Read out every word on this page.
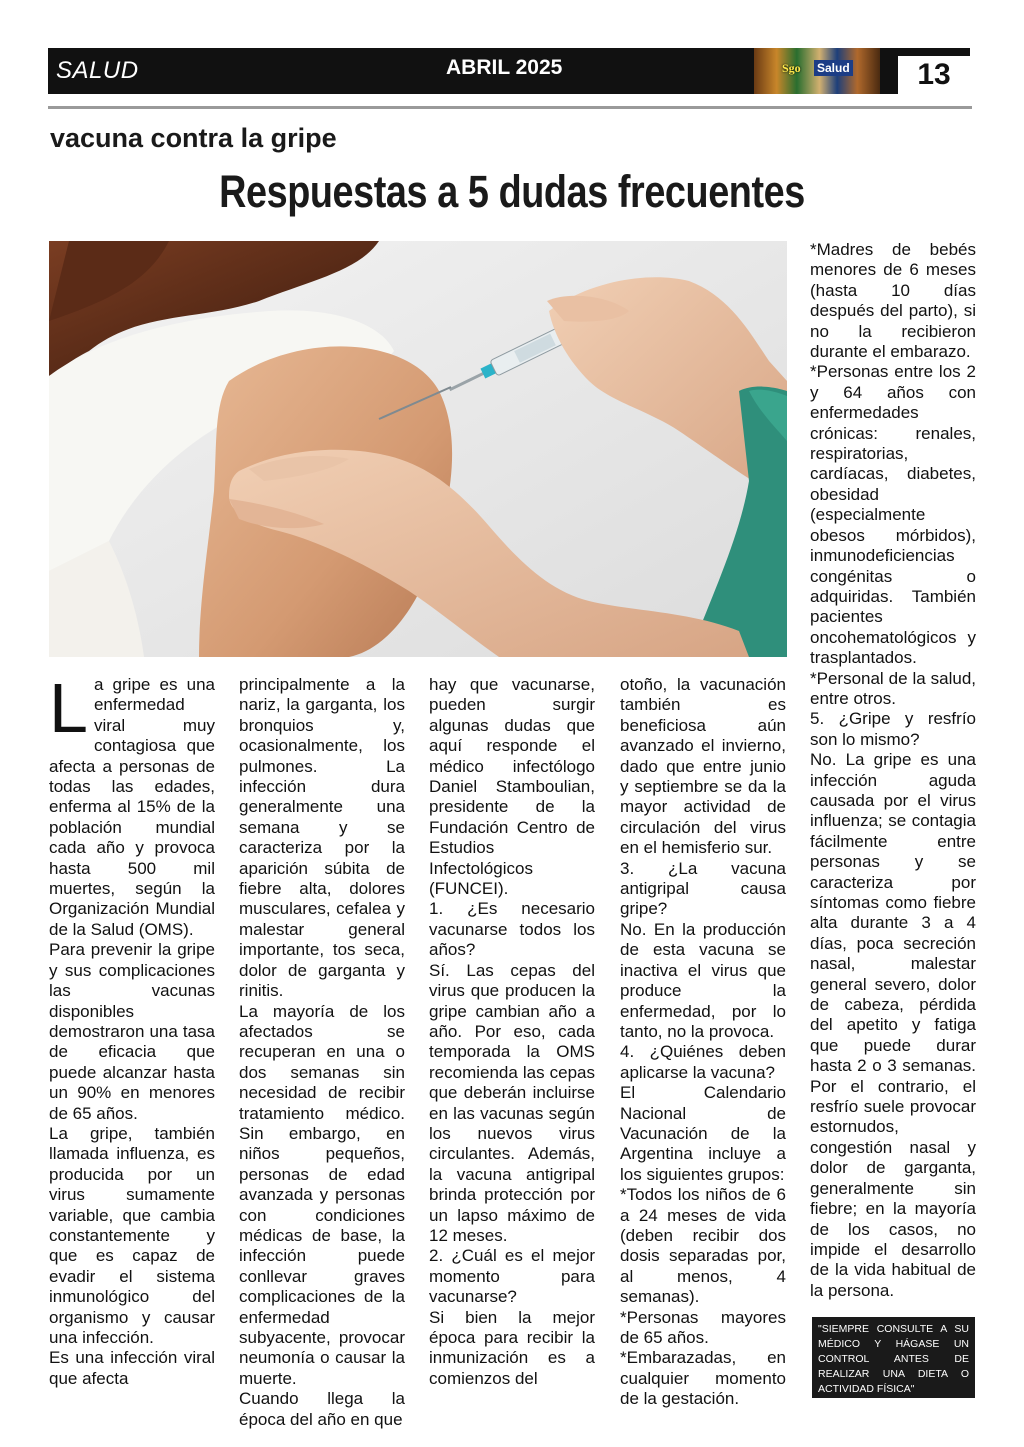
SALUD	ABRIL 2025	Sgo Salud	13
vacuna contra la gripe
Respuestas a 5 dudas frecuentes
L a gripe es una enfermedad viral muy contagiosa que afecta a personas de todas las edades, enferma al 15% de la población mundial cada año y provoca hasta 500 mil muertes, según la Organización Mundial de la Salud (OMS).

Para prevenir la gripe y sus complicaciones las vacunas disponibles demostraron una tasa de eficacia que puede alcanzar hasta un 90% en menores de 65 años.

La gripe, también llamada influenza, es producida por un virus sumamente variable, que cambia constantemente y que es capaz de evadir el sistema inmunológico del organismo y causar una infección.

Es una infección viral que afecta

principalmente a la nariz, la garganta, los bronquios y, ocasionalmente, los pulmones. La infección dura generalmente una semana y se caracteriza por la aparición súbita de fiebre alta, dolores musculares, cefalea y malestar general importante, tos seca, dolor de garganta y rinitis.

La mayoría de los afectados se recuperan en una o dos semanas sin necesidad de recibir tratamiento médico. Sin embargo, en niños pequeños, personas de edad avanzada y personas con condiciones médicas de base, la infección puede conllevar graves complicaciones de la enfermedad subyacente, provocar neumonía o causar la muerte.

Cuando llega la época del año en que

hay que vacunarse, pueden surgir algunas dudas que aquí responde el médico infectólogo Daniel Stamboulian, presidente de la Fundación Centro de Estudios Infectológicos (FUNCEI).

1. ¿Es necesario vacunarse todos los años?

Sí. Las cepas del virus que producen la gripe cambian año a año. Por eso, cada temporada la OMS recomienda las cepas que deberán incluirse en las vacunas según los nuevos virus circulantes. Además, la vacuna antigripal brinda protección por un lapso máximo de 12 meses.

2. ¿Cuál es el mejor momento para vacunarse?

Si bien la mejor época para recibir la inmunización es a comienzos del

otoño, la vacunación también es beneficiosa aún avanzado el invierno, dado que entre junio y septiembre se da la mayor actividad de circulación del virus en el hemisferio sur.

3. ¿La vacuna antigripal causa gripe?

No. En la producción de esta vacuna se inactiva el virus que produce la enfermedad, por lo tanto, no la provoca.

4. ¿Quiénes deben aplicarse la vacuna?

El Calendario Nacional de Vacunación de la Argentina incluye a los siguientes grupos:

*Todos los niños de 6 a 24 meses de vida (deben recibir dos dosis separadas por, al menos, 4 semanas).

*Personas mayores de 65 años.

*Embarazadas, en cualquier momento de la gestación.

*Madres de bebés menores de 6 meses (hasta 10 días después del parto), si no la recibieron durante el embarazo.

*Personas entre los 2 y 64 años con enfermedades crónicas: renales, respiratorias, cardíacas, diabetes, obesidad (especialmente obesos mórbidos), inmunodeficiencias congénitas o adquiridas. También pacientes oncohematológicos y trasplantados.

*Personal de la salud, entre otros.

5. ¿Gripe y resfrío son lo mismo?

No. La gripe es una infección aguda causada por el virus influenza; se contagia fácilmente entre personas y se caracteriza por síntomas como fiebre alta durante 3 a 4 días, poca secreción nasal, malestar general severo, dolor de cabeza, pérdida del apetito y fatiga que puede durar hasta 2 o 3 semanas. Por el contrario, el resfrío suele provocar estornudos, congestión nasal y dolor de garganta, generalmente sin fiebre; en la mayoría de los casos, no impide el desarrollo de la vida habitual de la persona.

"SIEMPRE CONSULTE A SU MÉDICO Y HÁGASE UN CONTROL ANTES DE REALIZAR UNA DIETA O ACTIVIDAD FÍSICA"
